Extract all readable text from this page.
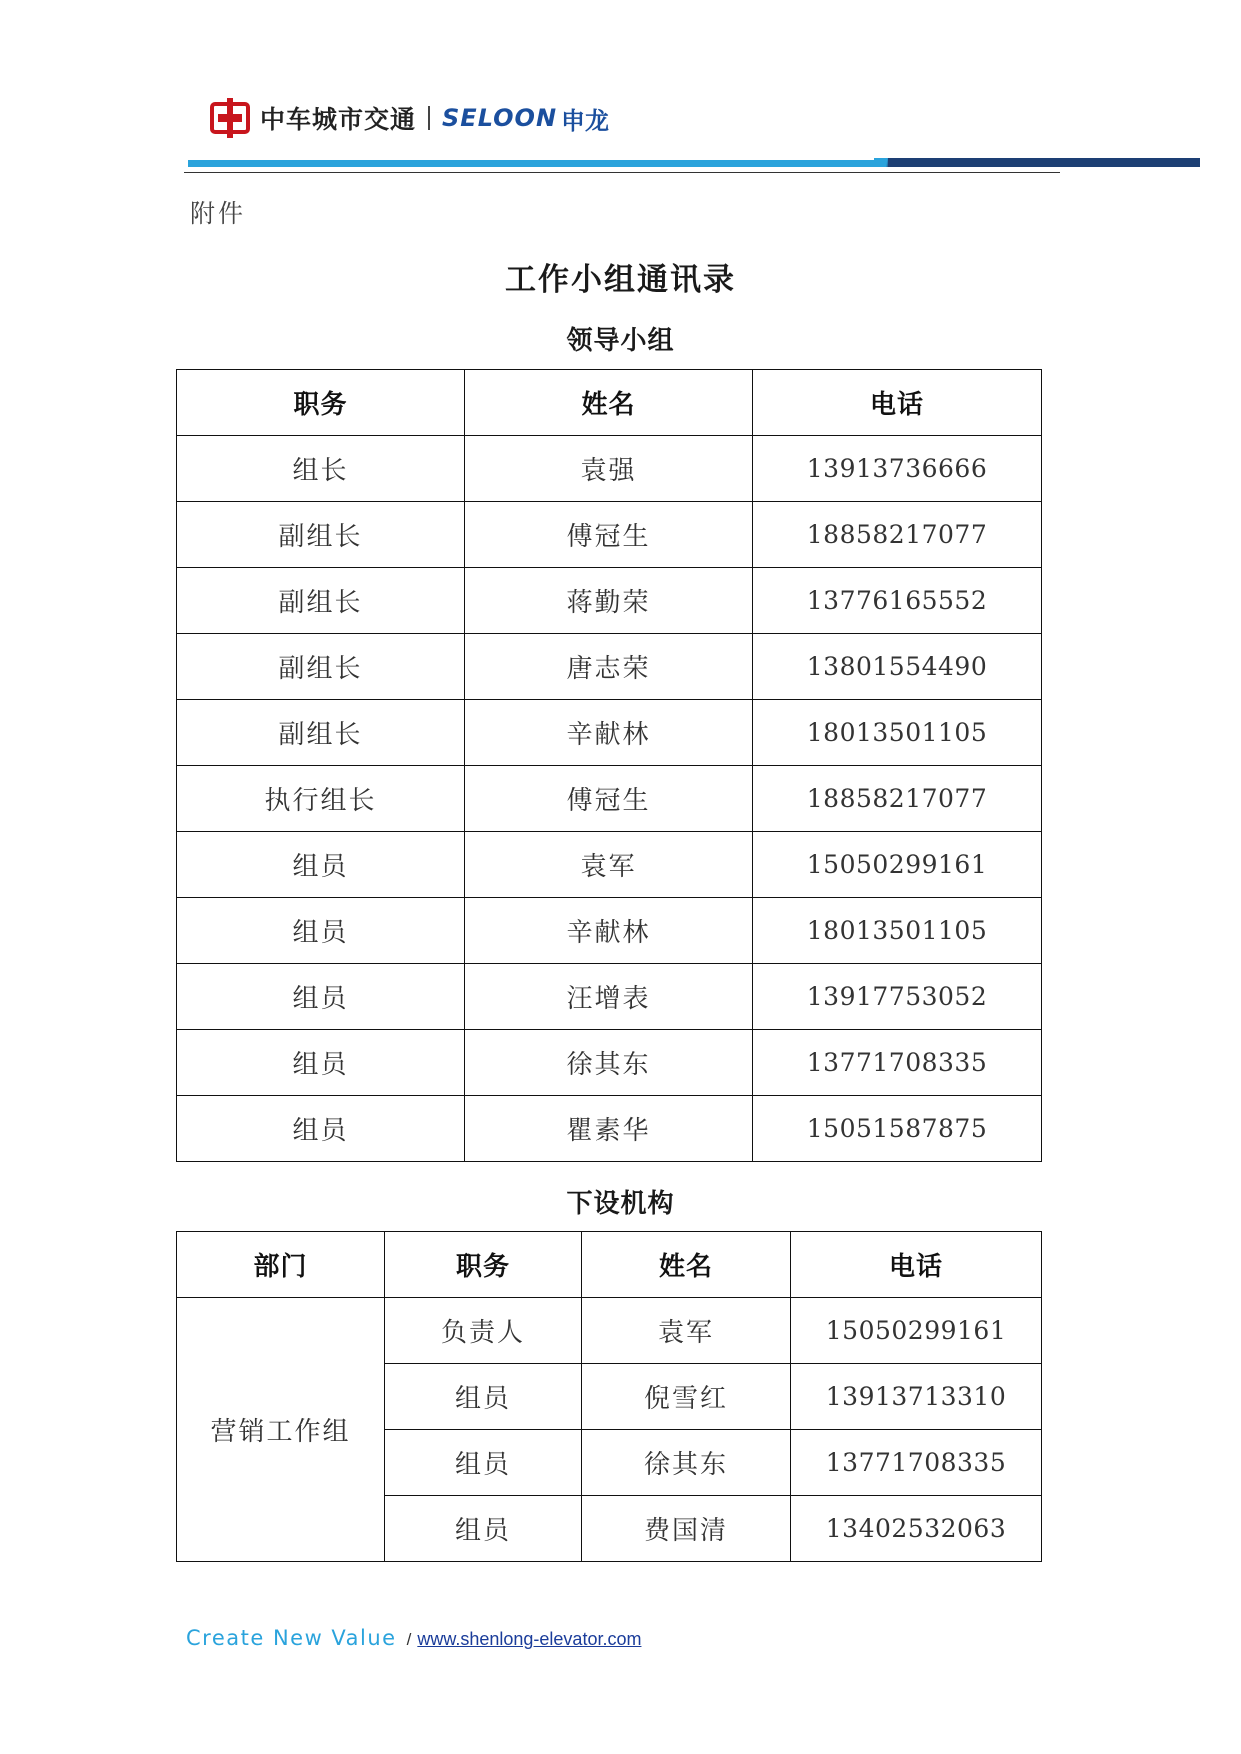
中车城市交通 SELOON 申龙
附件
工作小组通讯录
领导小组
职务	姓名	电话
组长	袁强	13913736666
副组长	傅冠生	18858217077
副组长	蒋勤荣	13776165552
副组长	唐志荣	13801554490
副组长	辛献林	18013501105
执行组长	傅冠生	18858217077
组员	袁军	15050299161
组员	辛献林	18013501105
组员	汪增表	13917753052
组员	徐其东	13771708335
组员	瞿素华	15051587875
下设机构
部门	职务	姓名	电话
营销工作组	负责人	袁军	15050299161
	组员	倪雪红	13913713310
	组员	徐其东	13771708335
	组员	费国清	13402532063
Create New Value / www.shenlong-elevator.com
